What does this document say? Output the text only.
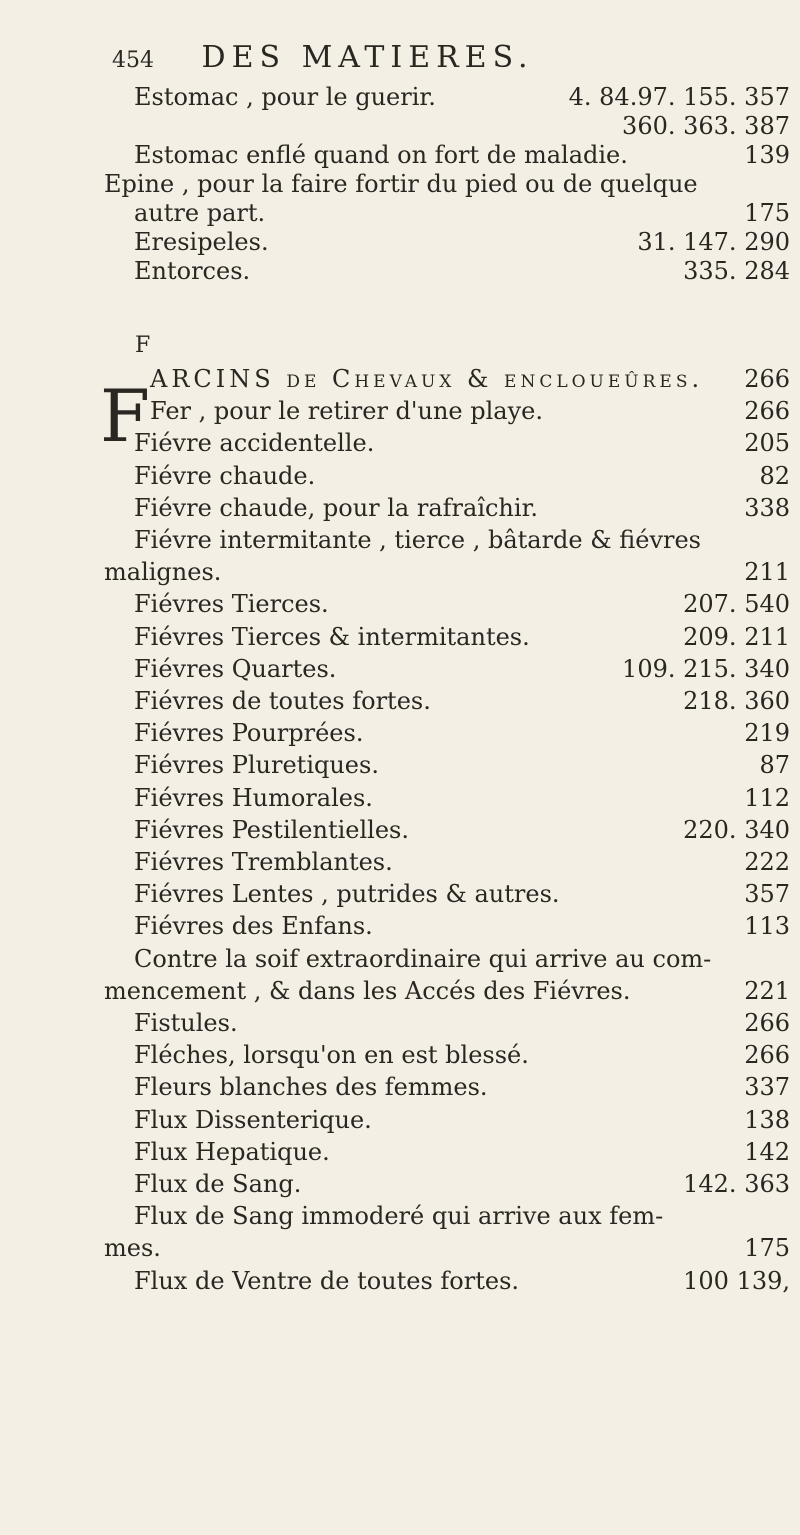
454 DES MATIERES.
Estomac , pour le guerir.	4. 84.97. 155. 357
360. 363. 387
Estomac enflé quand on fort de maladie.	139
Epine , pour la faire fortir du pied ou de quelque
autre part.	175
Eresipeles.	31. 147. 290
Entorces.	335. 284
F
F ARCINS de Chevaux & encloueûres. 266
Fer , pour le retirer d'une playe.	266
Fiévre accidentelle.	205
Fiévre chaude.	82
Fiévre chaude, pour la rafraîchir.	338
Fiévre intermitante , tierce , bâtarde & fiévres
malignes.	211
Fiévres Tierces.	207. 540
Fiévres Tierces & intermitantes.	209. 211
Fiévres Quartes.	109. 215. 340
Fiévres de toutes fortes.	218. 360
Fiévres Pourprées.	219
Fiévres Pluretiques.	87
Fiévres Humorales.	112
Fiévres Pestilentielles.	220. 340
Fiévres Tremblantes.	222
Fiévres Lentes , putrides & autres.	357
Fiévres des Enfans.	113
Contre la soif extraordinaire qui arrive au com-
mencement , & dans les Accés des Fiévres.	221
Fistules.	266
Fléches, lorsqu'on en est blessé.	266
Fleurs blanches des femmes.	337
Flux Dissenterique.	138
Flux Hepatique.	142
Flux de Sang.	142. 363
Flux de Sang immoderé qui arrive aux fem-
mes.	175
Flux de Ventre de toutes fortes.	100 139,
